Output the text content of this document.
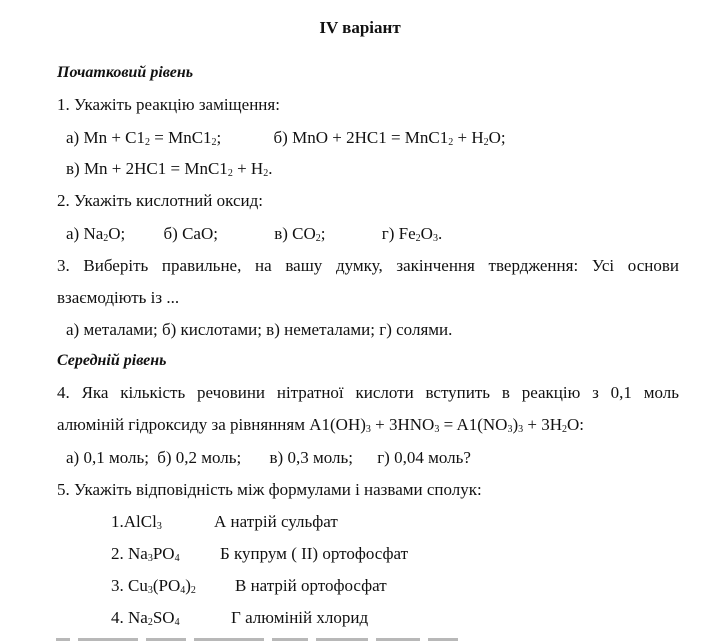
IV варіант
Початковий рівень
1. Укажіть реакцію заміщення:
а) $Mn + C1_2 = MnC1_2$;	б) MnO + $2HC1 = MnC1_2 + H_2O$;
в) $Mn + 2HC1 = MnC1_2 + H_2$.
2. Укажіть кислотний оксид:
а) $Na_2O$; б) CaO;	в) $CO_2$;	г) $Fe_2O_3$.
3. Виберіть правильне, на вашу думку, закінчення твердження: Усі основи
взаємодіють із ...
а) металами; б) кислотами; в) неметалами; г) солями.
Середній рівень
4. Яка кількість речовини нітратної кислоти вступить в реакцію з 0,1 моль
алюміній гідроксиду за рівнянням $A1(OH)_3 + 3HNO_3 = A1(NO_3)_3 + 3H_2O$:
а) 0,1 моль; б) 0,2 моль; в) 0,3 моль; г) 0,04 моль?
5. Укажіть відповідність між формулами і назвами сполук:
1.AlCl$_3$	А натрій сульфат
2. $Na_3PO_4$ Б купрум ( ІІ) ортофосфат
3. $Cu_3(PO_4)_2$ В натрій ортофосфат
4. $Na_2SO_4$	Г алюміній хлорид
